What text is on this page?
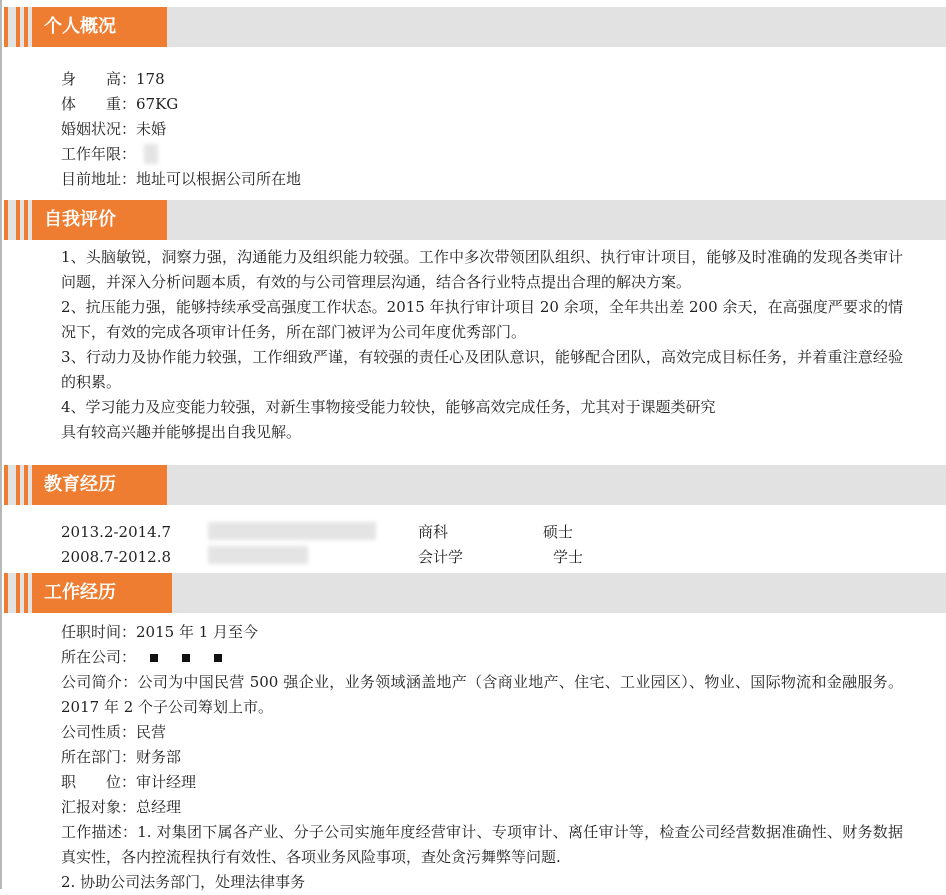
个人概况
身　　高：178
体　　重：67KG
婚姻状况：未婚
工作年限：
目前地址：地址可以根据公司所在地
自我评价
1、头脑敏锐，洞察力强，沟通能力及组织能力较强。工作中多次带领团队组织、执行审计项目，能够及时准确的发现各类审计问题，并深入分析问题本质，有效的与公司管理层沟通，结合各行业特点提出合理的解决方案。
2、抗压能力强，能够持续承受高强度工作状态。2015 年执行审计项目 20 余项，全年共出差 200 余天，在高强度严要求的情况下，有效的完成各项审计任务，所在部门被评为公司年度优秀部门。
3、行动力及协作能力较强，工作细致严谨，有较强的责任心及团队意识，能够配合团队，高效完成目标任务，并着重注意经验的积累。
4、学习能力及应变能力较强，对新生事物接受能力较快，能够高效完成任务，尤其对于课题类研究
具有较高兴趣并能够提出自我见解。
教育经历
2013.2-2014.7	商科	硕士
2008.7-2012.8	会计学	学士
工作经历
任职时间：2015 年 1 月至今
所在公司：
公司简介：公司为中国民营 500 强企业，业务领域涵盖地产（含商业地产、住宅、工业园区）、物业、国际物流和金融服务。2017 年 2 个子公司筹划上市。
公司性质：民营
所在部门：财务部
职　　位：审计经理
汇报对象：总经理
工作描述：1. 对集团下属各产业、分子公司实施年度经营审计、专项审计、离任审计等，检查公司经营数据准确性、财务数据真实性，各内控流程执行有效性、各项业务风险事项，查处贪污舞弊等问题.
2. 协助公司法务部门，处理法律事务
